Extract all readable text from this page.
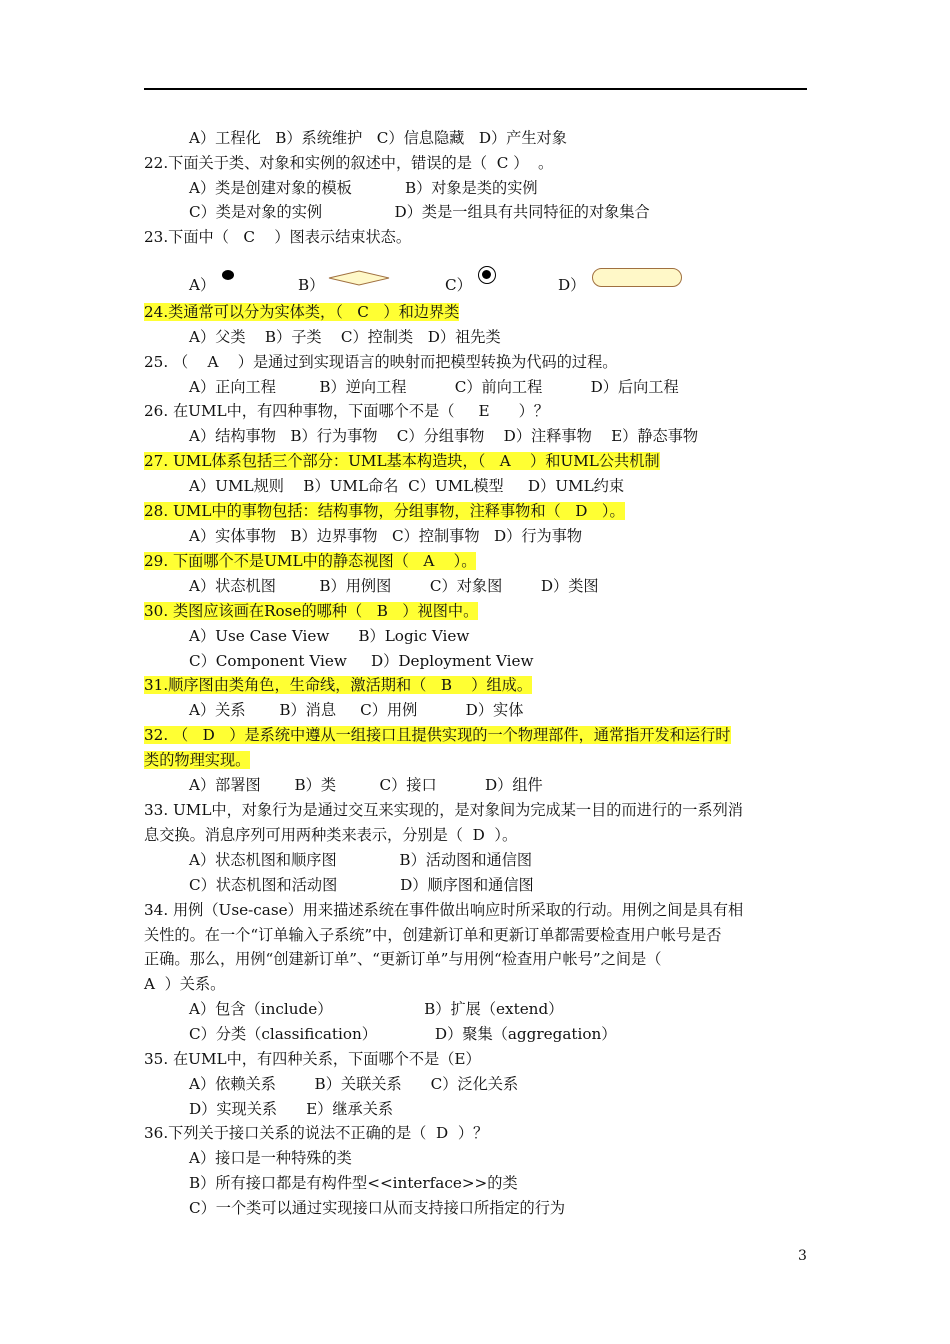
A）工程化   B）系统维护   C）信息隐藏   D）产生对象
22.下面关于类、对象和实例的叙述中，错误的是（  C ）  。
A）类是创建对象的模板           B）对象是类的实例
C）类是对象的实例               D）类是一组具有共同特征的对象集合
23.下面中（   C    ）图表示结束状态。
A）	B）	C）	D）
24.类通常可以分为实体类，（   C   ）和边界类
A）父类    B）子类    C）控制类   D）祖先类
25. （    A    ）是通过到实现语言的映射而把模型转换为代码的过程。
A）正向工程         B）逆向工程          C）前向工程          D）后向工程
26. 在UML中，有四种事物，下面哪个不是（     E      ）？
A）结构事物   B）行为事物    C）分组事物    D）注释事物    E）静态事物
27. UML体系包括三个部分：UML基本构造块，（   A    ）和UML公共机制
A）UML规则    B）UML命名  C）UML模型     D）UML约束
28. UML中的事物包括：结构事物，分组事物，注释事物和（   D   ）。
A）实体事物   B）边界事物   C）控制事物   D）行为事物
29. 下面哪个不是UML中的静态视图（   A    ）。
A）状态机图         B）用例图        C）对象图        D）类图
30. 类图应该画在Rose的哪种（   B   ）视图中。
A）Use Case View      B）Logic View
C）Component View     D）Deployment View
31.顺序图由类角色，生命线，激活期和（   B    ）组成。
A）关系       B）消息     C）用例          D）实体
32. （   D   ）是系统中遵从一组接口且提供实现的一个物理部件，通常指开发和运行时
类的物理实现。
A）部署图       B）类         C）接口          D）组件
33. UML中，对象行为是通过交互来实现的，是对象间为完成某一目的而进行的一系列消
息交换。消息序列可用两种类来表示，分别是（  D  ）。
A）状态机图和顺序图             B）活动图和通信图
C）状态机图和活动图             D）顺序图和通信图
34. 用例（Use-case）用来描述系统在事件做出响应时所采取的行动。用例之间是具有相
关性的。在一个“订单输入子系统”中，创建新订单和更新订单都需要检查用户帐号是否
正确。那么，用例“创建新订单”、“更新订单”与用例“检查用户帐号”之间是（
A  ）关系。
A）包含（include）                   B）扩展（extend）
C）分类（classification）            D）聚集（aggregation）
35. 在UML中，有四种关系，下面哪个不是（E）
A）依赖关系        B）关联关系      C）泛化关系
D）实现关系      E）继承关系
36.下列关于接口关系的说法不正确的是（  D  ）？
A）接口是一种特殊的类
B）所有接口都是有构件型<<interface>>的类
C）一个类可以通过实现接口从而支持接口所指定的行为
3
